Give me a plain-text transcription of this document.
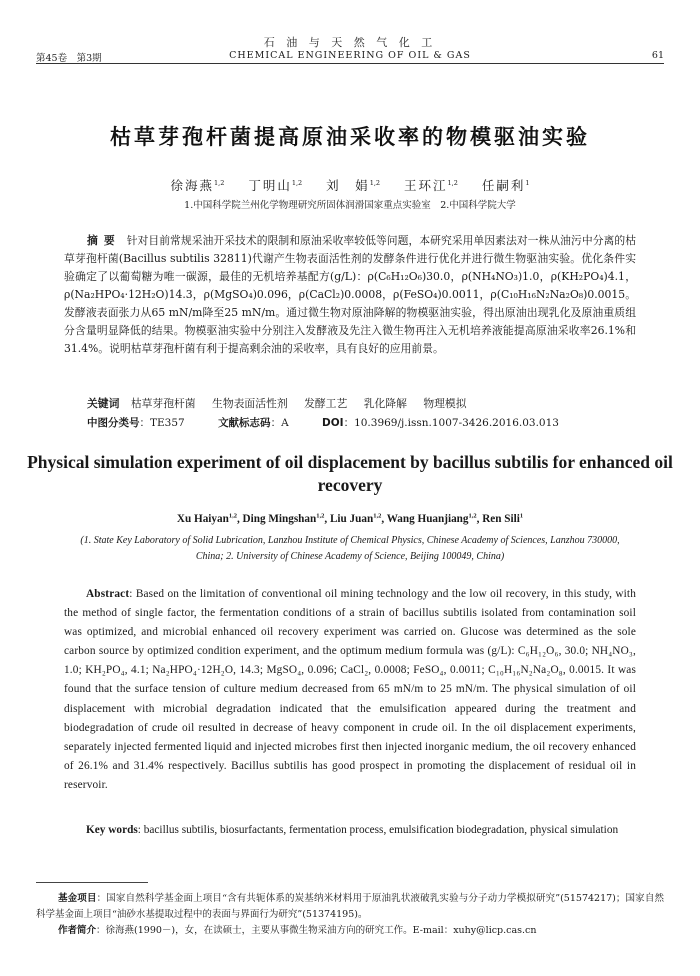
石 油 与 天 然 气 化 工
第45卷　第3期	CHEMICAL ENGINEERING OF OIL & GAS	61
枯草芽孢杆菌提高原油采收率的物模驱油实验
徐海燕$^{1,2}$ 丁明山$^{1,2}$ 刘　娟$^{1,2}$ 王环江$^{1,2}$ 任嗣利$^1$
1.中国科学院兰州化学物理研究所固体润滑国家重点实验室　2.中国科学院大学
摘要 针对目前常规采油开采技术的限制和原油采收率较低等问题，本研究采用单因素法对一株从油污中分离的枯草芽孢杆菌(Bacillus subtilis 32811)代谢产生物表面活性剂的发酵条件进行优化并进行微生物驱油实验。优化条件实验确定了以葡萄糖为唯一碳源，最佳的无机培养基配方(g/L)：ρ(C₆H₁₂O₆)30.0，ρ(NH₄NO₃)1.0，ρ(KH₂PO₄)4.1，ρ(Na₂HPO₄·12H₂O)14.3，ρ(MgSO₄)0.096，ρ(CaCl₂)0.0008，ρ(FeSO₄)0.0011，ρ(C₁₀H₁₆N₂Na₂O₈)0.0015。发酵液表面张力从65 mN/m降至25 mN/m。通过微生物对原油降解的物模驱油实验，得出原油出现乳化及原油重质组分含量明显降低的结果。物模驱油实验中分别注入发酵液及先注入微生物再注入无机培养液能提高原油采收率26.1%和31.4%。说明枯草芽孢杆菌有利于提高剩余油的采收率，具有良好的应用前景。
关键词 枯草芽孢杆菌 生物表面活性剂 发酵工艺 乳化降解 物理模拟
中图分类号：TE357	文献标志码：A	DOI：10.3969/j.issn.1007-3426.2016.03.013
Physical simulation experiment of oil displacement by bacillus subtilis for enhanced oil recovery
Xu Haiyan$^{1,2}$, Ding Mingshan$^{1,2}$, Liu Juan$^{1,2}$, Wang Huanjiang$^{1,2}$, Ren Sili$^1$
(1. State Key Laboratory of Solid Lubrication, Lanzhou Institute of Chemical Physics, Chinese Academy of Sciences, Lanzhou 730000, China; 2. University of Chinese Academy of Science, Beijing 100049, China)
Abstract: Based on the limitation of conventional oil mining technology and the low oil recovery, in this study, with the method of single factor, the fermentation conditions of a strain of bacillus subtilis isolated from contamination soil was optimized, and microbial enhanced oil recovery experiment was carried on. Glucose was determined as the sole carbon source by optimized condition experiment, and the optimum medium formula was (g/L): C₆H₁₂O₆, 30.0; NH₄NO₃, 1.0; KH₂PO₄, 4.1; Na₂HPO₄·12H₂O, 14.3; MgSO₄, 0.096; CaCl₂, 0.0008; FeSO₄, 0.0011; C₁₀H₁₆N₂Na₂O₈, 0.0015. It was found that the surface tension of culture medium decreased from 65 mN/m to 25 mN/m. The physical simulation of oil displacement with microbial degradation indicated that the emulsification appeared during the treatment and biodegradation of crude oil resulted in decrease of heavy component in crude oil. In the oil displacement experiments, separately injected fermented liquid and injected microbes first then injected inorganic medium, the oil recovery enhanced of 26.1% and 31.4% respectively. Bacillus subtilis has good prospect in promoting the displacement of residual oil in reservoir.
Key words: bacillus subtilis, biosurfactants, fermentation process, emulsification biodegradation, physical simulation

基金项目：国家自然科学基金面上项目“含有共轭体系的炭基纳米材料用于原油乳状液破乳实验与分子动力学模拟研究”(51574217)；国家自然科学基金面上项目“油砂水基提取过程中的表面与界面行为研究”(51374195)。

作者简介：徐海燕(1990－)，女，在读硕士，主要从事微生物采油方向的研究工作。E-mail：xuhy@licp.cas.cn
